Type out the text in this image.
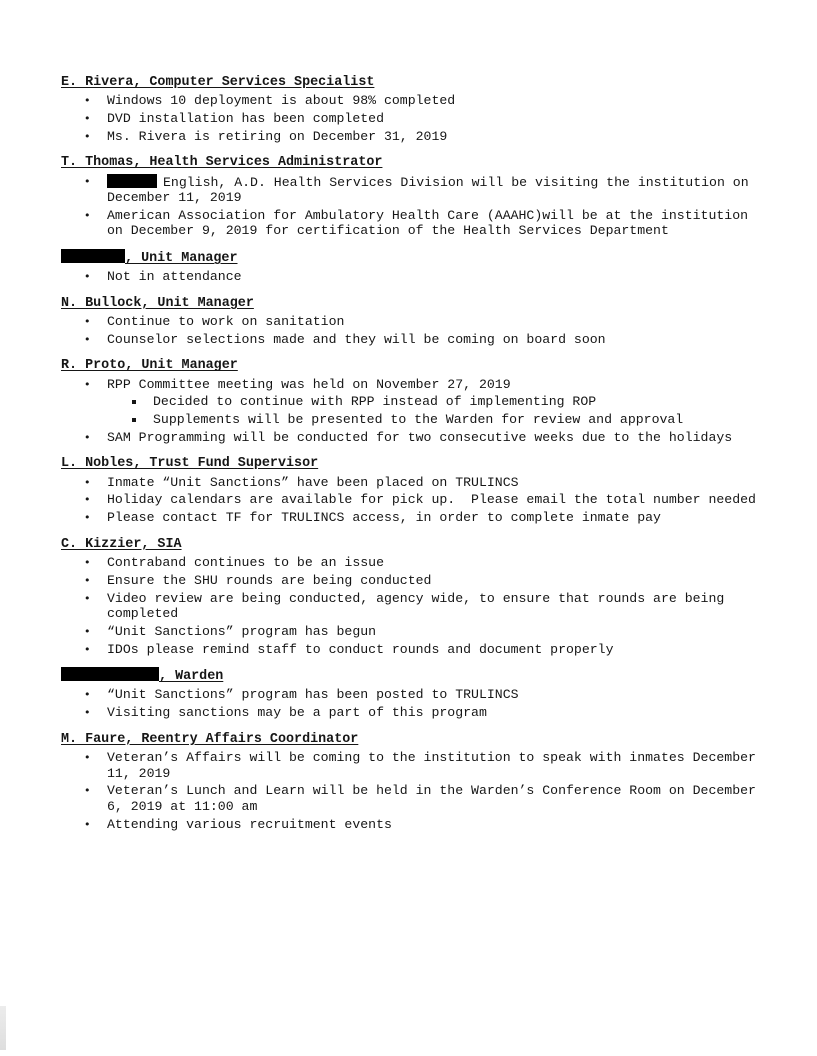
E. Rivera, Computer Services Specialist

• Windows 10 deployment is about 98% completed
• DVD installation has been completed
• Ms. Rivera is retiring on December 31, 2019

T. Thomas, Health Services Administrator

• English, A.D. Health Services Division will be visiting the institution on December 11, 2019
• American Association for Ambulatory Health Care (AAAHC)will be at the institution on December 9, 2019 for certification of the Health Services Department

, Unit Manager

• Not in attendance

N. Bullock, Unit Manager

• Continue to work on sanitation
• Counselor selections made and they will be coming on board soon

R. Proto, Unit Manager

• RPP Committee meeting was held on November 27, 2019
Decided to continue with RPP instead of implementing ROP
Supplements will be presented to the Warden for review and approval
• SAM Programming will be conducted for two consecutive weeks due to the holidays

L. Nobles, Trust Fund Supervisor

• Inmate “Unit Sanctions” have been placed on TRULINCS
• Holiday calendars are available for pick up.  Please email the total number needed
• Please contact TF for TRULINCS access, in order to complete inmate pay

C. Kizzier, SIA

• Contraband continues to be an issue
• Ensure the SHU rounds are being conducted
• Video review are being conducted, agency wide, to ensure that rounds are being completed
• “Unit Sanctions” program has begun
• IDOs please remind staff to conduct rounds and document properly

, Warden

• “Unit Sanctions” program has been posted to TRULINCS
• Visiting sanctions may be a part of this program

M. Faure, Reentry Affairs Coordinator

• Veteran’s Affairs will be coming to the institution to speak with inmates December 11, 2019
• Veteran’s Lunch and Learn will be held in the Warden’s Conference Room on December 6, 2019 at 11:00 am
• Attending various recruitment events
